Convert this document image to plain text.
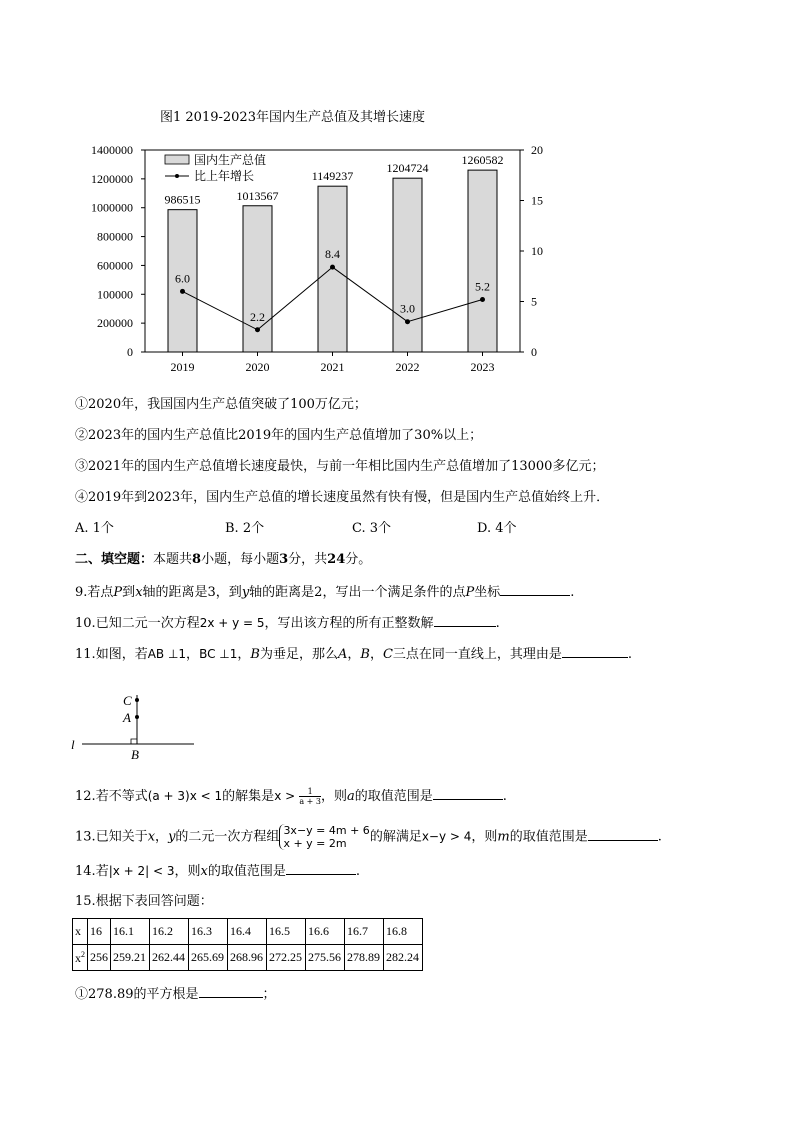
图1 2019-2023年国内生产总值及其增长速度
1400000
1200000
1000000
800000
600000
100000
200000
0
20
15
10
5
0
986515
2019
1013567
2020
1149237
2021
1204724
2022
1260582
2023
6.0
2.2
8.4
3.0
5.2
国内生产总值
比上年增长
①2020年，我国国内生产总值突破了100万亿元；
②2023年的国内生产总值比2019年的国内生产总值增加了30%以上；
③2021年的国内生产总值增长速度最快，与前一年相比国内生产总值增加了13000多亿元；
④2019年到2023年，国内生产总值的增长速度虽然有快有慢，但是国内生产总值始终上升．
A. 1个	B. 2个	C. 3个	D. 4个
二、填空题：本题共8小题，每小题3分，共24分。
9.若点P到x轴的距离是3，到y轴的距离是2，写出一个满足条件的点P坐标	.
10.已知二元一次方程2x + y = 5，写出该方程的所有正整数解	.
11.如图，若AB ⊥1，BC ⊥1，B为垂足，那么A，B，C三点在同一直线上，其理由是	.
C
A
B
l
12.若不等式(a + 3)x < 1的解集是$x > \frac{1}{a + 3}$，则a的取值范围是	.
13.已知关于x，y的二元一次方程组 3x−y = 4m + 6
x + y = 2m 的解满足x−y > 4，则m的取值范围是	.
14.若|x + 2| < 3，则x的取值范围是	.
15.根据下表回答问题：
x	16	16.1	16.2	16.3	16.4	16.5	16.6	16.7	16.8
$x^2$	256	259.21	262.44	265.69	268.96	272.25	275.56	278.89	282.24
①278.89的平方根是	；
